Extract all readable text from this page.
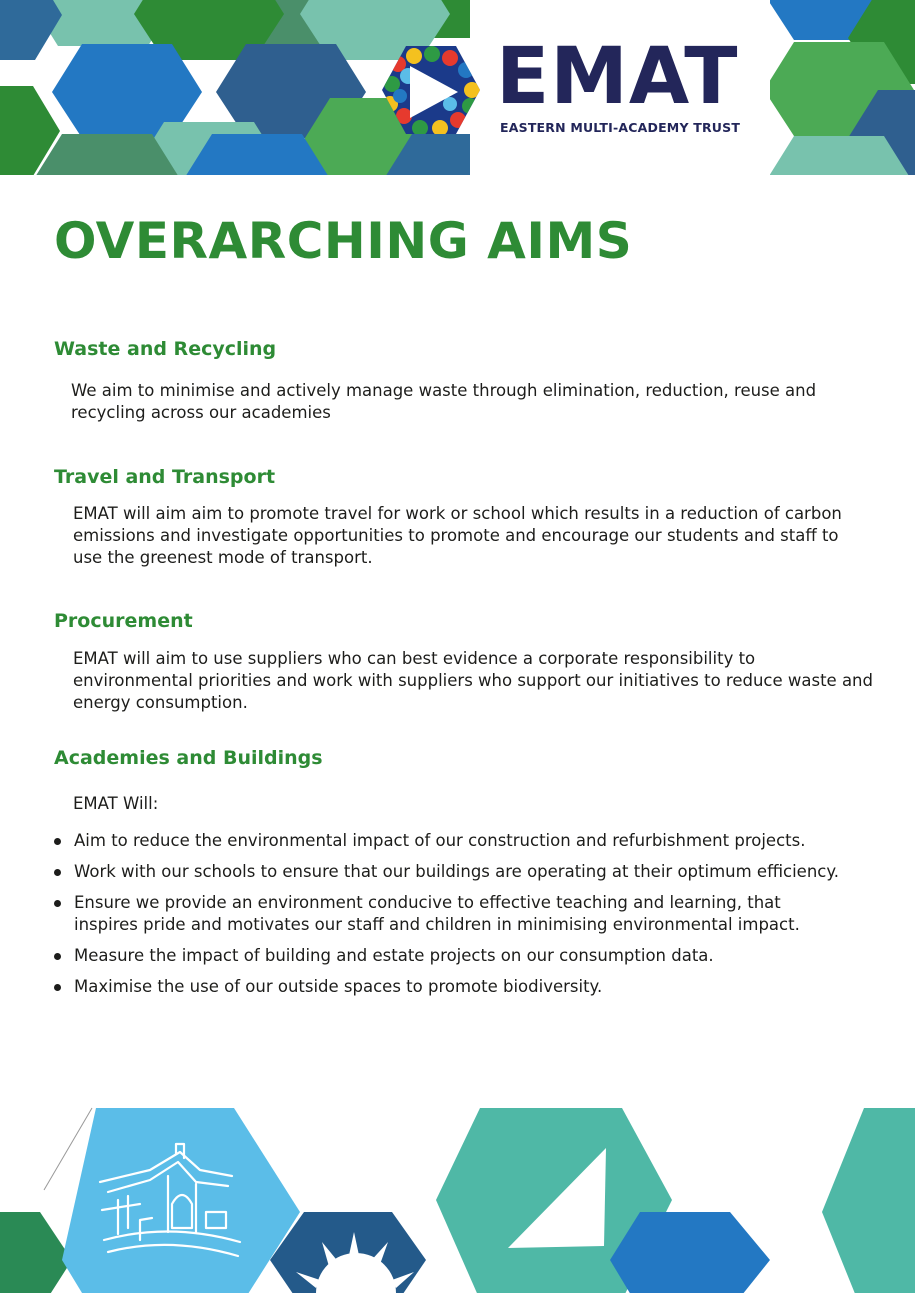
EMAT
EASTERN MULTI-ACADEMY TRUST
OVERARCHING AIMS
Waste and Recycling

We aim to minimise and actively manage waste through elimination, reduction, reuse and recycling across our academies

Travel and Transport

EMAT will aim aim to promote travel for work or school which results in a reduction of carbon emissions and investigate opportunities to promote and encourage our students and staff to use the greenest mode of transport.

Procurement

EMAT will aim to use suppliers who can best evidence a corporate responsibility to environmental priorities and work with suppliers who support our initiatives to reduce waste and energy consumption.

Academies and Buildings

EMAT Will:

Aim to reduce the environmental impact of our construction and refurbishment projects.
Work with our schools to ensure that our buildings are operating at their optimum efficiency.
Ensure we provide an environment conducive to effective teaching and learning, that inspires pride and motivates our staff and children in minimising environmental impact.
Measure the impact of building and estate projects on our consumption data.
Maximise the use of our outside spaces to promote biodiversity.
